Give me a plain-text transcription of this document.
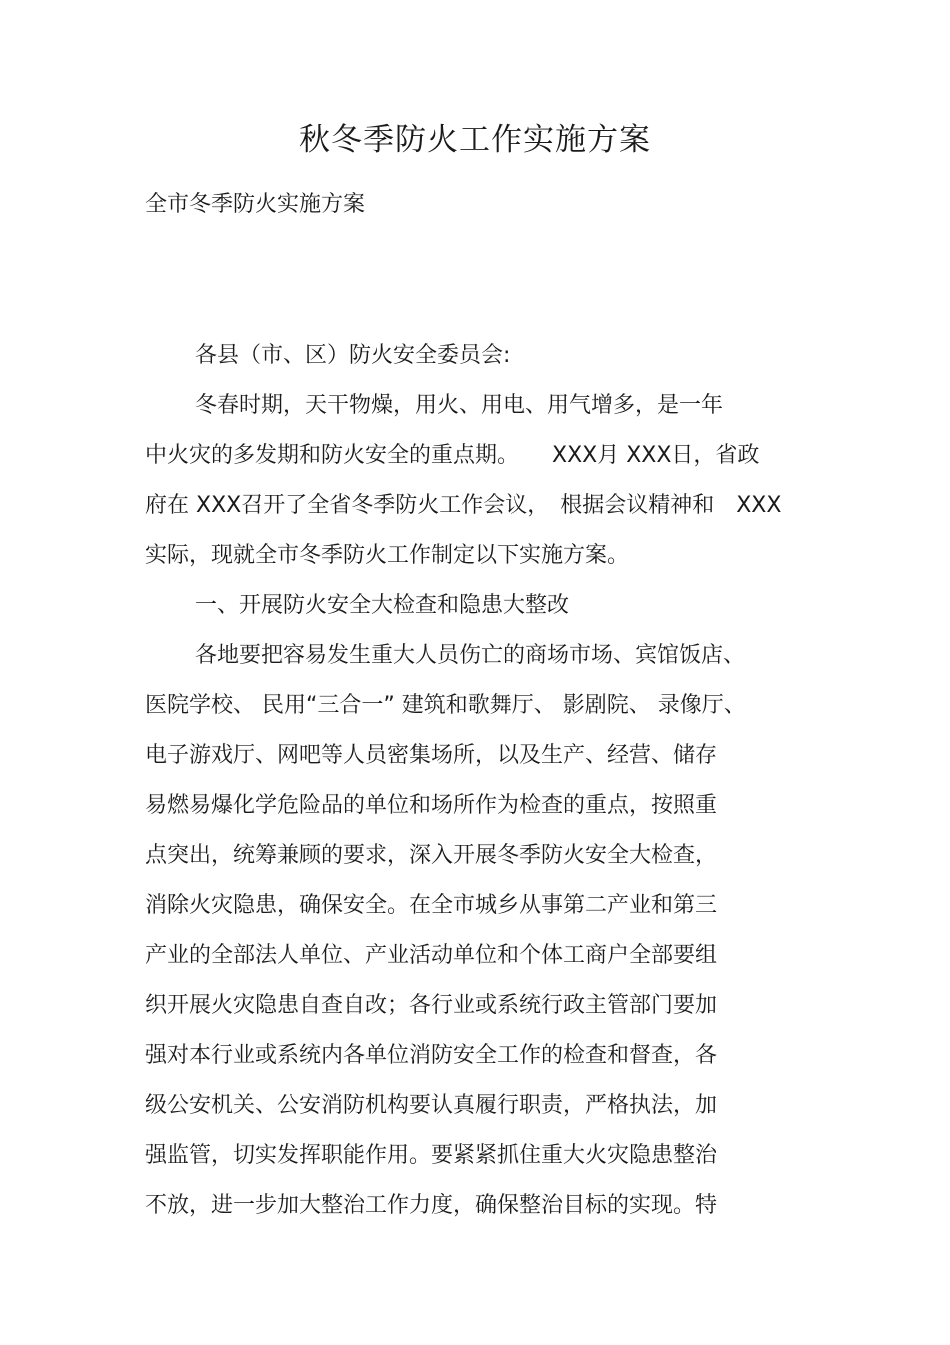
秋冬季防火工作实施方案
全市冬季防火实施方案
各县（市、区）防火安全委员会:
冬春时期，天干物燥，用火、用电、用气增多，是一年
中火灾的多发期和防火安全的重点期。　　XXX月 XXX日，省政
府在 XXX召开了全省冬季防火工作会议，　根据会议精神和　XXX
实际，现就全市冬季防火工作制定以下实施方案。
一、开展防火安全大检查和隐患大整改
各地要把容易发生重大人员伤亡的商场市场、宾馆饭店、
医院学校、 民用“三合一” 建筑和歌舞厅、 影剧院、 录像厅、
电子游戏厅、网吧等人员密集场所，以及生产、经营、储存
易燃易爆化学危险品的单位和场所作为检查的重点，按照重
点突出，统筹兼顾的要求，深入开展冬季防火安全大检查，
消除火灾隐患，确保安全。在全市城乡从事第二产业和第三
产业的全部法人单位、产业活动单位和个体工商户全部要组
织开展火灾隐患自查自改；各行业或系统行政主管部门要加
强对本行业或系统内各单位消防安全工作的检查和督查，各
级公安机关、公安消防机构要认真履行职责，严格执法，加
强监管，切实发挥职能作用。要紧紧抓住重大火灾隐患整治
不放，进一步加大整治工作力度，确保整治目标的实现。特
